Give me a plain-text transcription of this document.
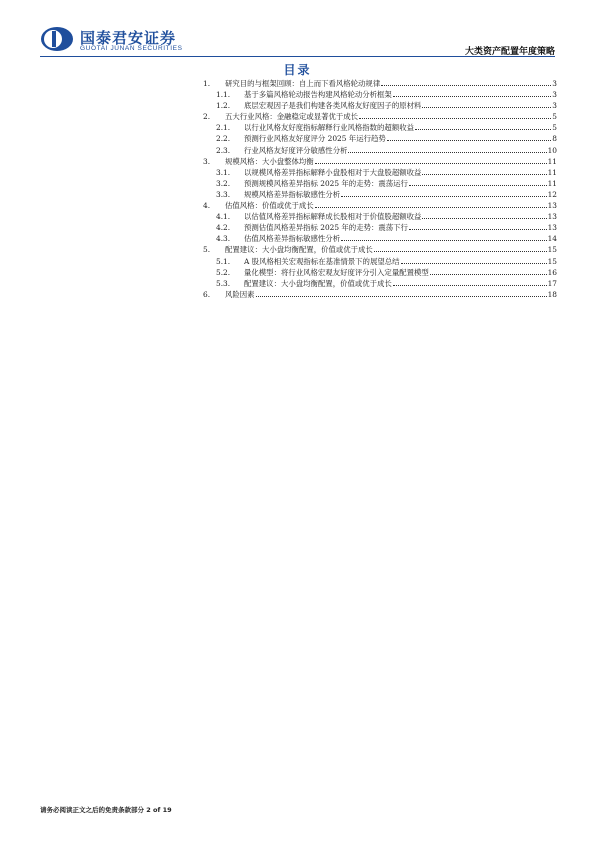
国泰君安证券
GUOTAI JUNAN SECURITIES	大类资产配置年度策略
目录
1.	研究目的与框架回顾：自上而下看风格轮动规律	3
1.1.	基于多篇风格轮动报告构建风格轮动分析框架	3
1.2.	底层宏观因子是我们构建各类风格友好度因子的原材料	3
2.	五大行业风格：金融稳定或显著优于成长	5
2.1.	以行业风格友好度指标解释行业风格指数的超额收益	5
2.2.	预测行业风格友好度评分 2025 年运行趋势	8
2.3.	行业风格友好度评分敏感性分析	10
3.	规模风格：大小盘整体均衡	11
3.1.	以规模风格差异指标解释小盘股相对于大盘股超额收益	11
3.2.	预测规模风格差异指标 2025 年的走势：震荡运行	11
3.3.	规模风格差异指标敏感性分析	12
4.	估值风格：价值或优于成长	13
4.1.	以估值风格差异指标解释成长股相对于价值股超额收益	13
4.2.	预测估值风格差异指标 2025 年的走势：震荡下行	13
4.3.	估值风格差异指标敏感性分析	14
5.	配置建议：大小盘均衡配置，价值或优于成长	15
5.1.	A 股风格相关宏观指标在基准情景下的展望总结	15
5.2.	量化模型：将行业风格宏观友好度评分引入定量配置模型	16
5.3.	配置建议：大小盘均衡配置，价值或优于成长	17
6.	风险因素	18
请务必阅读正文之后的免责条款部分 2 of 19
